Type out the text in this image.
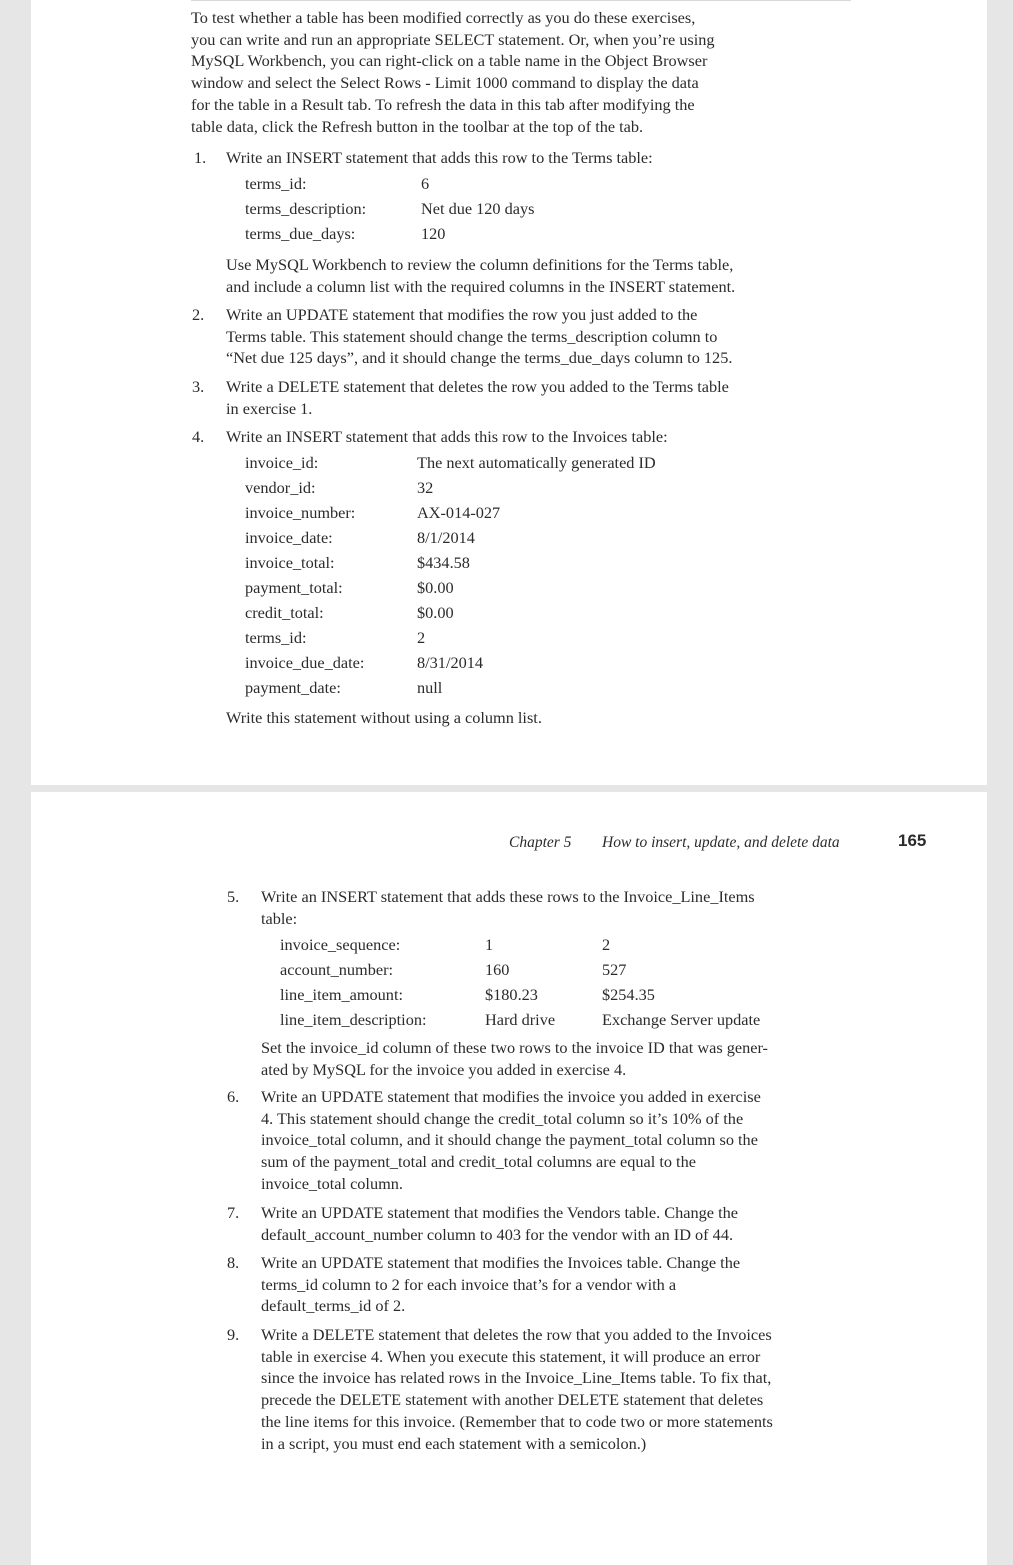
To test whether a table has been modified correctly as you do these exercises,
you can write and run an appropriate SELECT statement. Or, when you’re using
MySQL Workbench, you can right-click on a table name in the Object Browser
window and select the Select Rows - Limit 1000 command to display the data
for the table in a Result tab. To refresh the data in this tab after modifying the
table data, click the Refresh button in the toolbar at the top of the tab.
1. Write an INSERT statement that adds this row to the Terms table:
terms_id:	6
terms_description:	Net due 120 days
terms_due_days:	120
Use MySQL Workbench to review the column definitions for the Terms table,
and include a column list with the required columns in the INSERT statement.
2. Write an UPDATE statement that modifies the row you just added to the
Terms table. This statement should change the terms_description column to
“Net due 125 days”, and it should change the terms_due_days column to 125.
3. Write a DELETE statement that deletes the row you added to the Terms table
in exercise 1.
4. Write an INSERT statement that adds this row to the Invoices table:
invoice_id:	The next automatically generated ID
vendor_id:	32
invoice_number:	AX-014-027
invoice_date:	8/1/2014
invoice_total:	$434.58
payment_total:	$0.00
credit_total:	$0.00
terms_id:	2
invoice_due_date:	8/31/2014
payment_date:	null
Write this statement without using a column list.
Chapter 5 How to insert, update, and delete data	165
5. Write an INSERT statement that adds these rows to the Invoice_Line_Items
table:
invoice_sequence:	1	2
account_number:	160	527
line_item_amount:	$180.23	$254.35
line_item_description:	Hard drive	Exchange Server update
Set the invoice_id column of these two rows to the invoice ID that was gener-
ated by MySQL for the invoice you added in exercise 4.
6. Write an UPDATE statement that modifies the invoice you added in exercise
4. This statement should change the credit_total column so it’s 10% of the
invoice_total column, and it should change the payment_total column so the
sum of the payment_total and credit_total columns are equal to the
invoice_total column.
7. Write an UPDATE statement that modifies the Vendors table. Change the
default_account_number column to 403 for the vendor with an ID of 44.
8. Write an UPDATE statement that modifies the Invoices table. Change the
terms_id column to 2 for each invoice that’s for a vendor with a
default_terms_id of 2.
9. Write a DELETE statement that deletes the row that you added to the Invoices
table in exercise 4. When you execute this statement, it will produce an error
since the invoice has related rows in the Invoice_Line_Items table. To fix that,
precede the DELETE statement with another DELETE statement that deletes
the line items for this invoice. (Remember that to code two or more statements
in a script, you must end each statement with a semicolon.)
